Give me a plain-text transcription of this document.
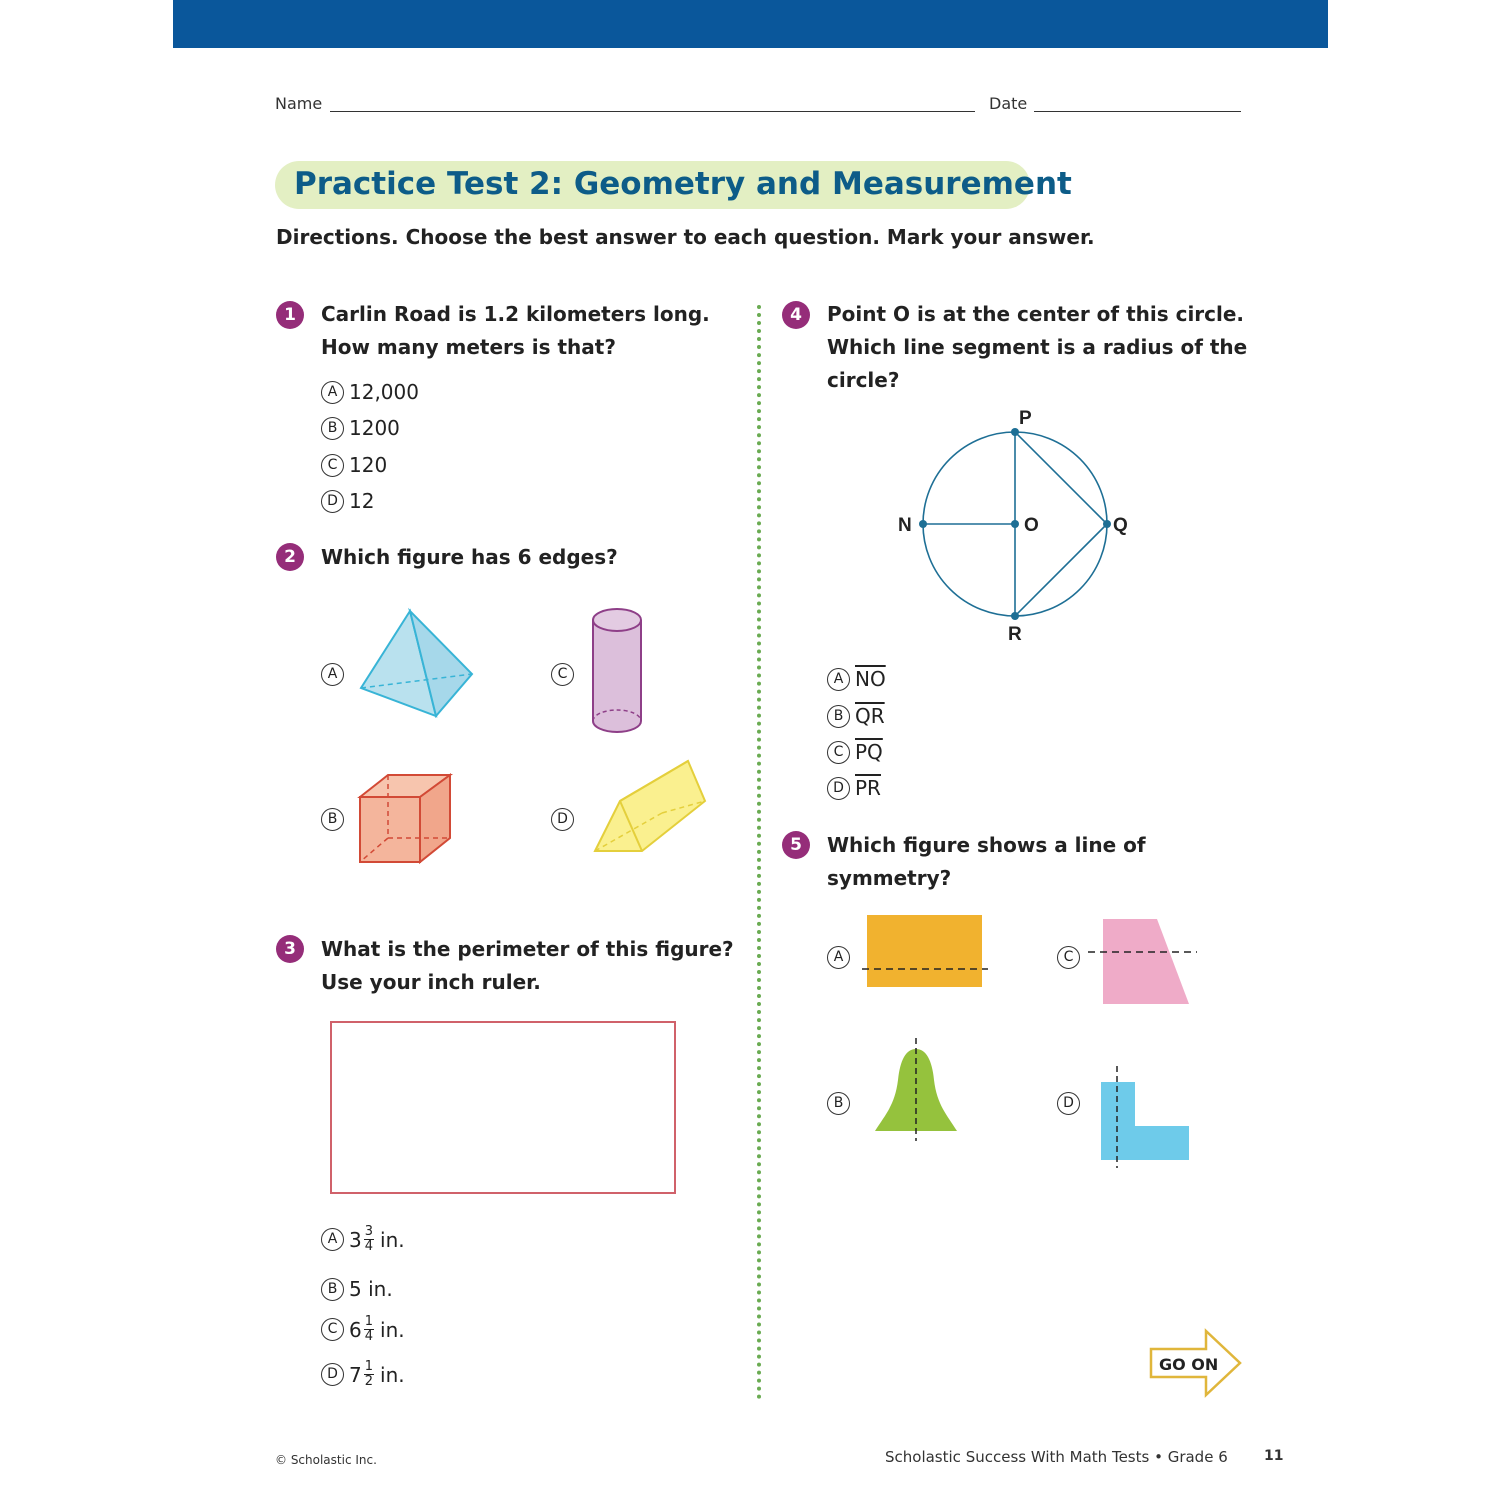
Name	Date
Practice Test 2: Geometry and Measurement
Directions. Choose the best answer to each question. Mark your answer.
1	Carlin Road is 1.2 kilometers long.
How many meters is that?
A 12,000
B 1200
C 120
D 12
2	Which figure has 6 edges?
A	C
B	D
3	What is the perimeter of this figure?
Use your inch ruler.
A $3 \frac{3}{4}$ in.
B 5 in.
C $6 \frac{1}{4}$ in.
D $7 \frac{1}{2}$ in.
4	Point O is at the center of this circle.
Which line segment is a radius of the
circle?
P
N	O	Q
R
A $\overline{NO}$
B $\overline{QR}$
C $\overline{PQ}$
D $\overline{PR}$
5	Which figure shows a line of
symmetry?
A	C
B	D
GO ON
© Scholastic Inc.	Scholastic Success With Math Tests • Grade 6	11
